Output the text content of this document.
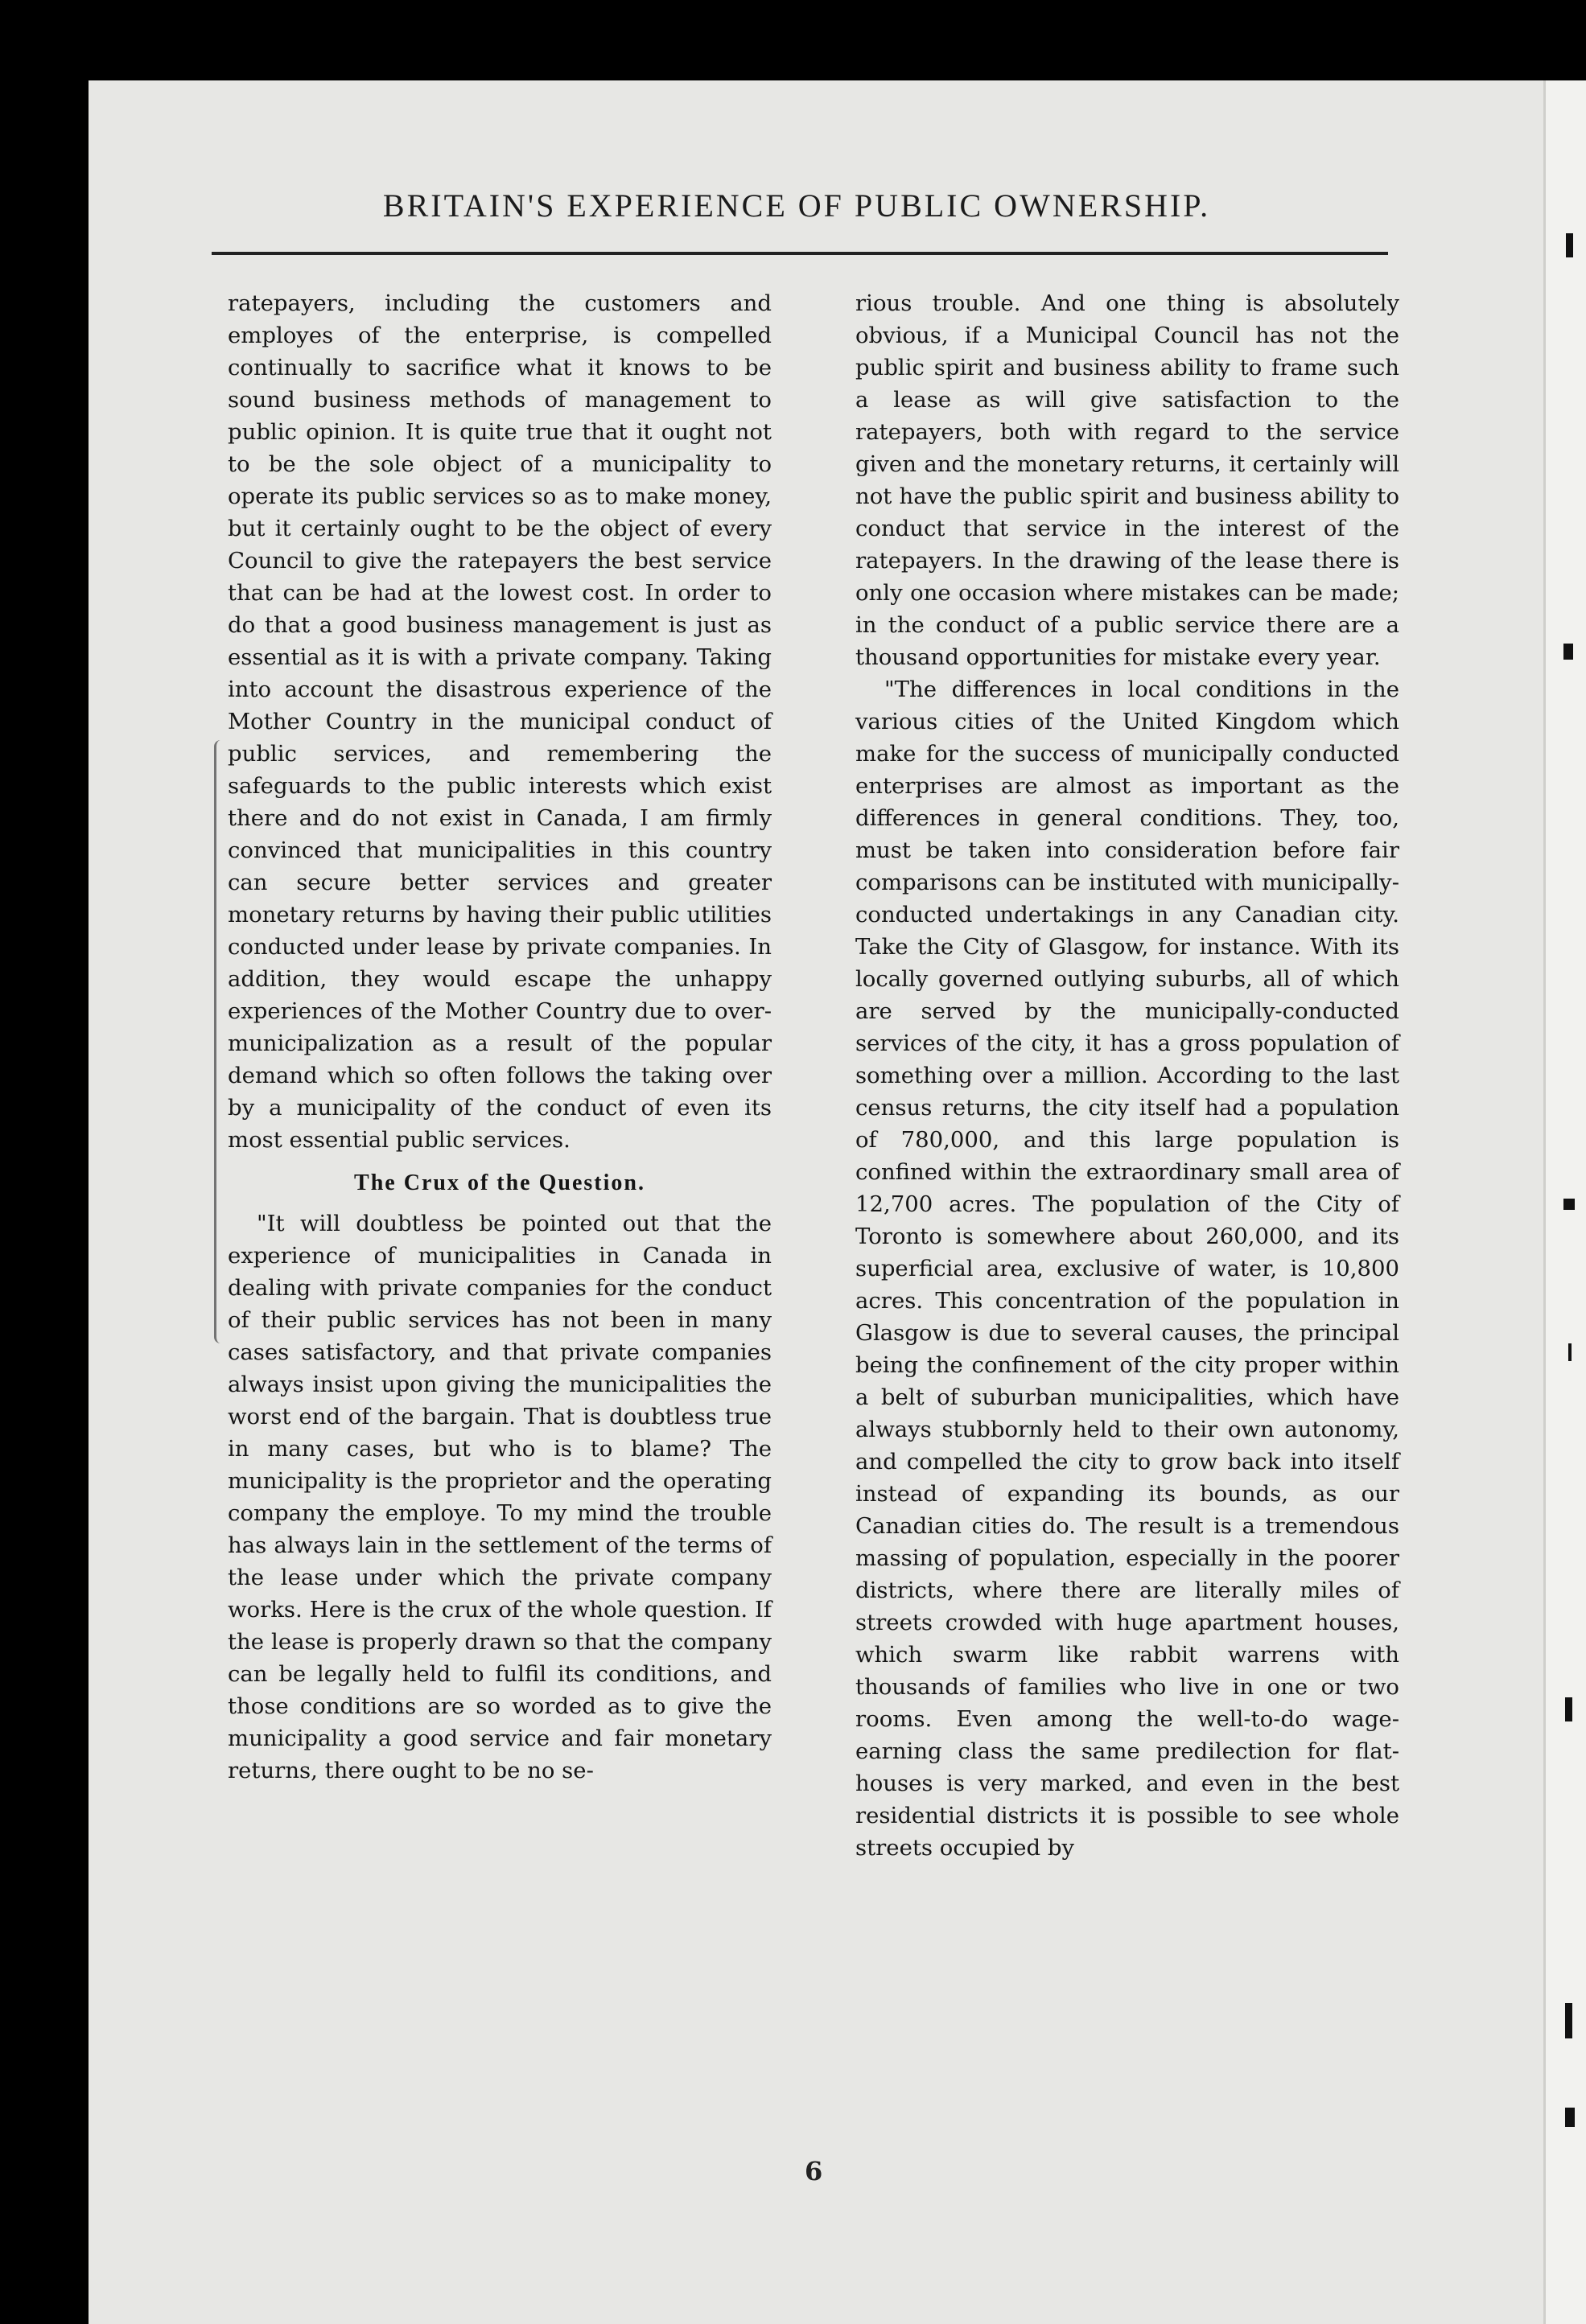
BRITAIN'S EXPERIENCE OF PUBLIC OWNERSHIP.

ratepayers, including the customers and employes of the enterprise, is compelled continually to sacrifice what it knows to be sound business methods of management to public opinion. It is quite true that it ought not to be the sole object of a municipality to operate its public services so as to make money, but it certainly ought to be the object of every Council to give the ratepayers the best service that can be had at the lowest cost. In order to do that a good business management is just as essential as it is with a private company. Taking into account the disastrous experience of the Mother Country in the municipal conduct of public services, and remembering the safeguards to the public interests which exist there and do not exist in Canada, I am firmly convinced that municipalities in this country can secure better services and greater monetary returns by having their public utilities conducted under lease by private companies. In addition, they would escape the unhappy experiences of the Mother Country due to over-municipalization as a result of the popular demand which so often follows the taking over by a municipality of the conduct of even its most essential public services.

The Crux of the Question.

"It will doubtless be pointed out that the experience of municipalities in Canada in dealing with private companies for the conduct of their public services has not been in many cases satisfactory, and that private companies always insist upon giving the municipalities the worst end of the bargain. That is doubtless true in many cases, but who is to blame? The municipality is the proprietor and the operating company the employe. To my mind the trouble has always lain in the settlement of the terms of the lease under which the private company works. Here is the crux of the whole question. If the lease is properly drawn so that the company can be legally held to fulfil its conditions, and those conditions are so worded as to give the municipality a good service and fair monetary returns, there ought to be no se-

rious trouble. And one thing is absolutely obvious, if a Municipal Council has not the public spirit and business ability to frame such a lease as will give satisfaction to the ratepayers, both with regard to the service given and the monetary returns, it certainly will not have the public spirit and business ability to conduct that service in the interest of the ratepayers. In the drawing of the lease there is only one occasion where mistakes can be made; in the conduct of a public service there are a thousand opportunities for mistake every year.

"The differences in local conditions in the various cities of the United Kingdom which make for the success of municipally conducted enterprises are almost as important as the differences in general conditions. They, too, must be taken into consideration before fair comparisons can be instituted with municipally-conducted undertakings in any Canadian city. Take the City of Glasgow, for instance. With its locally governed outlying suburbs, all of which are served by the municipally-conducted services of the city, it has a gross population of something over a million. According to the last census returns, the city itself had a population of 780,000, and this large population is confined within the extraordinary small area of 12,700 acres. The population of the City of Toronto is somewhere about 260,000, and its superficial area, exclusive of water, is 10,800 acres. This concentration of the population in Glasgow is due to several causes, the principal being the confinement of the city proper within a belt of suburban municipalities, which have always stubbornly held to their own autonomy, and compelled the city to grow back into itself instead of expanding its bounds, as our Canadian cities do. The result is a tremendous massing of population, especially in the poorer districts, where there are literally miles of streets crowded with huge apartment houses, which swarm like rabbit warrens with thousands of families who live in one or two rooms. Even among the well-to-do wage-earning class the same predilection for flat-houses is very marked, and even in the best residential districts it is possible to see whole streets occupied by

6
